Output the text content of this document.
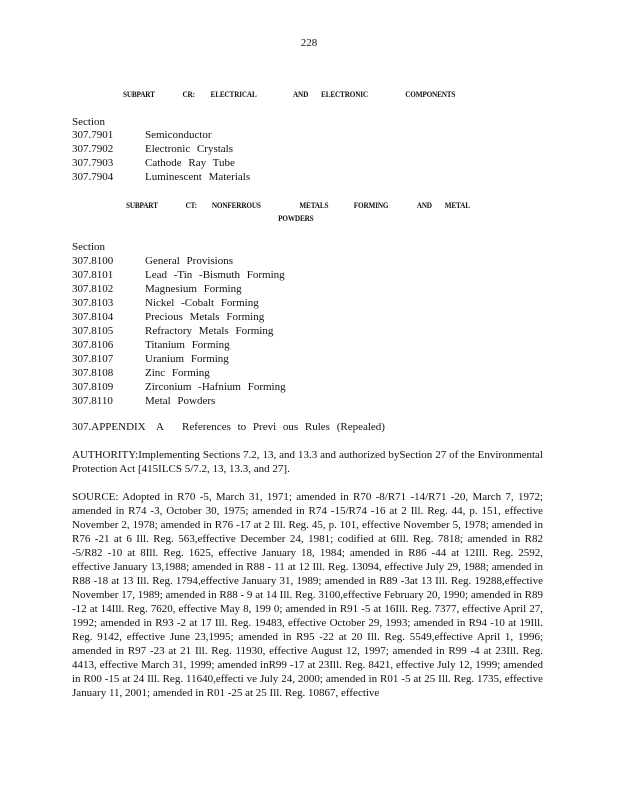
228
SUBPART	CR: ELECTRICAL	AND ELECTRONIC	COMPONENTS
Section
307.7901	Semiconductor
307.7902	Electronic Crystals
307.7903	Cathode Ray Tube
307.7904	Luminescent Materials
SUBPART	CT: NONFERROUS	METALS	FORMING	AND METAL
POWDERS
Section
307.8100	General Provisions
307.8101	Lead -Tin -Bismuth Forming
307.8102	Magnesium Forming
307.8103	Nickel -Cobalt Forming
307.8104	Precious Metals Forming
307.8105	Refractory Metals Forming
307.8106	Titanium Forming
307.8107	Uranium Forming
307.8108	Zinc Forming
307.8109	Zirconium -Hafnium Forming
307.8110	Metal Powders
307.APPENDIX A References to Previ ous Rules (Repealed)
AUTHORITY:Implementing Sections 7.2, 13, and 13.3 and authorized bySection 27 of the Environmental Protection Act [415ILCS 5/7.2, 13, 13.3, and 27].
SOURCE: Adopted in R70 -5, March 31, 1971; amended in R70 -8/R71 -14/R71 -20, March 7, 1972; amended in R74 -3, October 30, 1975; amended in R74 -15/R74 -16 at 2 Ill. Reg. 44, p. 151, effective November 2, 1978; amended in R76 -17 at 2 Ill. Reg. 45, p. 101, effective November 5, 1978; amended in R76 -21 at 6 Ill. Reg. 563,effective December 24, 1981; codified at 6Ill. Reg. 7818; amended in R82 -5/R82 -10 at 8Ill. Reg. 1625, effective January 18, 1984; amended in R86 -44 at 12Ill. Reg. 2592, effective January 13,1988; amended in R88 - 11 at 12 Ill. Reg. 13094, effective July 29, 1988; amended in R88 -18 at 13 Ill. Reg. 1794,effective January 31, 1989; amended in R89 -3at 13 Ill. Reg. 19288,effective November 17, 1989; amended in R88 - 9 at 14 Ill. Reg. 3100,effective February 20, 1990; amended in R89 -12 at 14Ill. Reg. 7620, effective May 8, 199 0; amended in R91 -5 at 16Ill. Reg. 7377, effective April 27, 1992; amended in R93 -2 at 17 Ill. Reg. 19483, effective October 29, 1993; amended in R94 -10 at 19Ill. Reg. 9142, effective June 23,1995; amended in R95 -22 at 20 Ill. Reg. 5549,effective April 1, 1996; amended in R97 -23 at 21 Ill. Reg. 11930, effective August 12, 1997; amended in R99 -4 at 23Ill. Reg. 4413, effective March 31, 1999; amended inR99 -17 at 23Ill. Reg. 8421, effective July 12, 1999; amended in R00 -15 at 24 Ill. Reg. 11640,effecti ve July 24, 2000; amended in R01 -5 at 25 Ill. Reg. 1735, effective January 11, 2001; amended in R01 -25 at 25 Ill. Reg. 10867, effective
